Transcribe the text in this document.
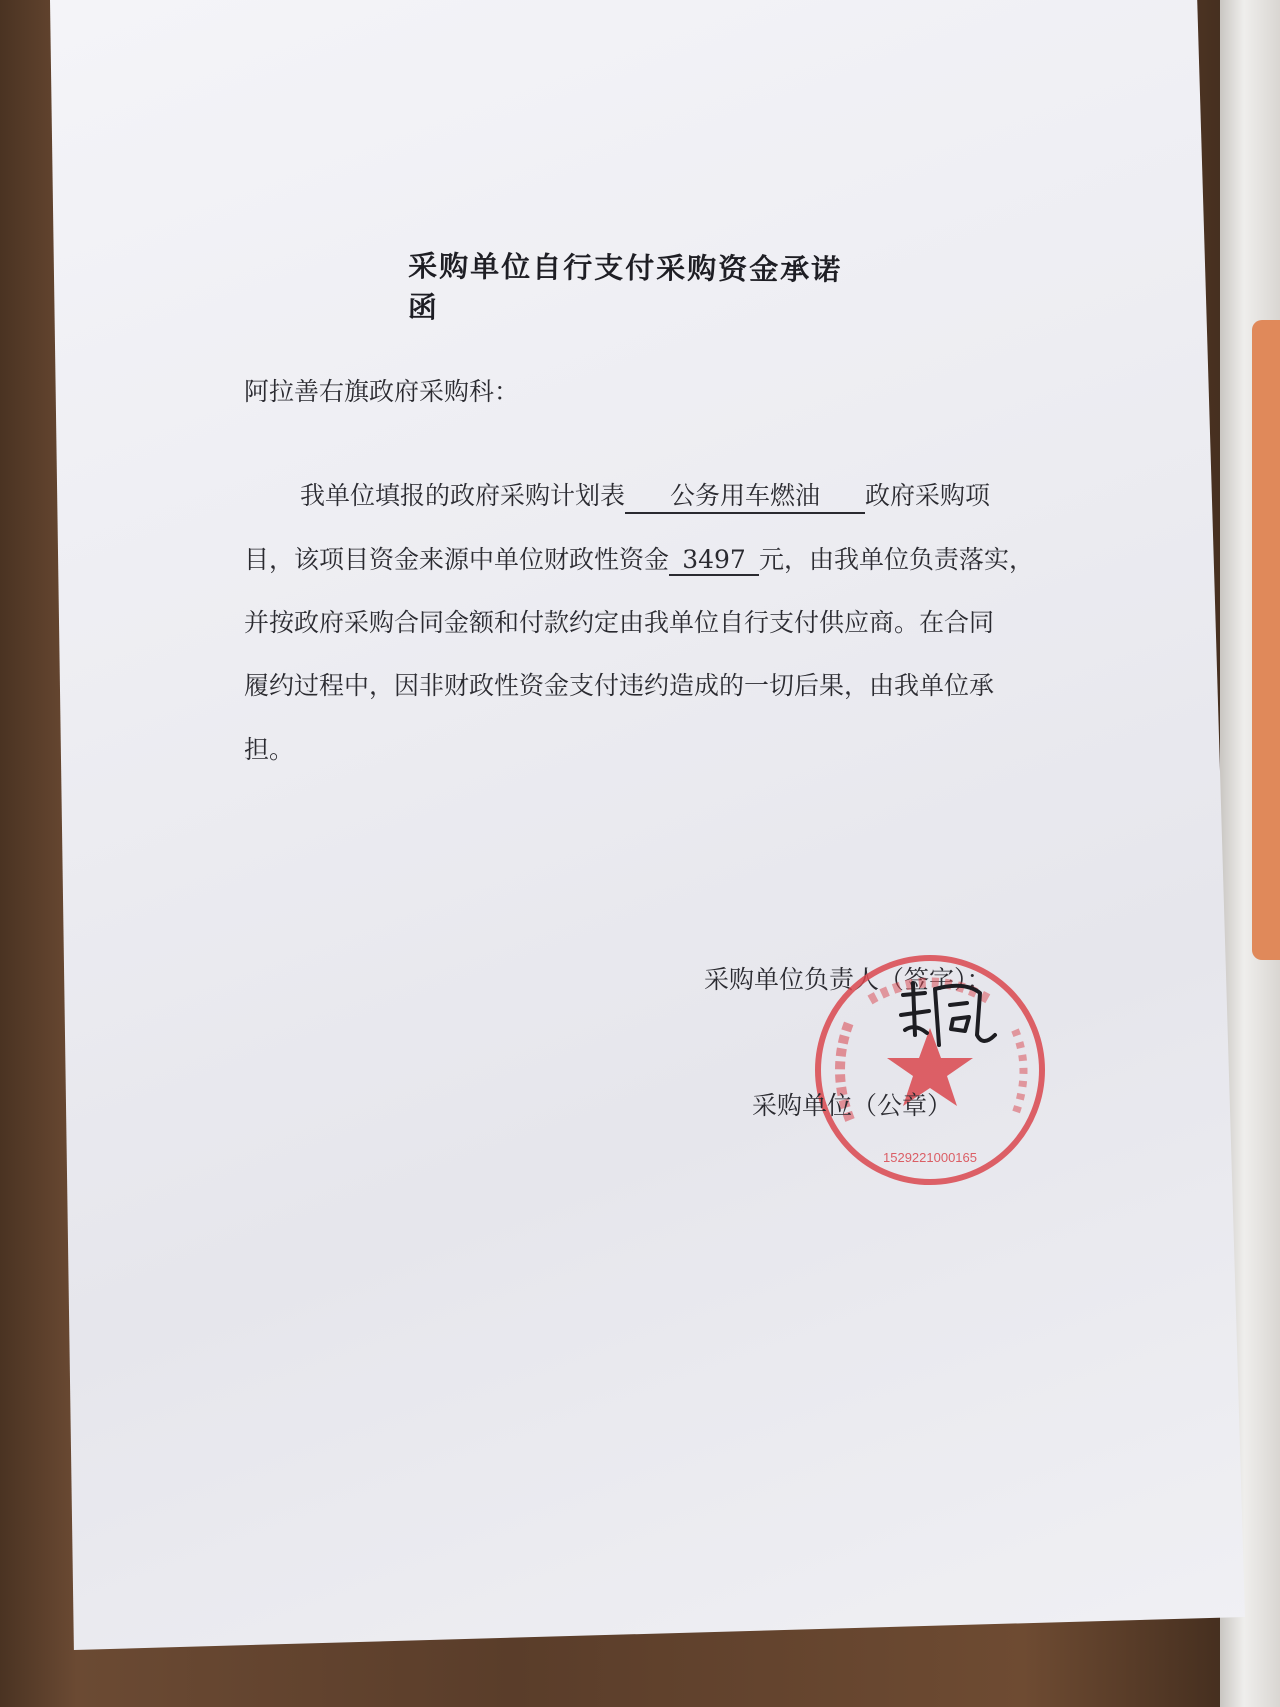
采购单位自行支付采购资金承诺函
阿拉善右旗政府采购科：
我单位填报的政府采购计划表 公务用车燃油 政府采购项
目，该项目资金来源中单位财政性资金 3497 元，由我单位负责落实，
并按政府采购合同金额和付款约定由我单位自行支付供应商。在合同
履约过程中，因非财政性资金支付违约造成的一切后果，由我单位承
担。
采购单位负责人（签字）：
1529221000165
采购单位（公章）
